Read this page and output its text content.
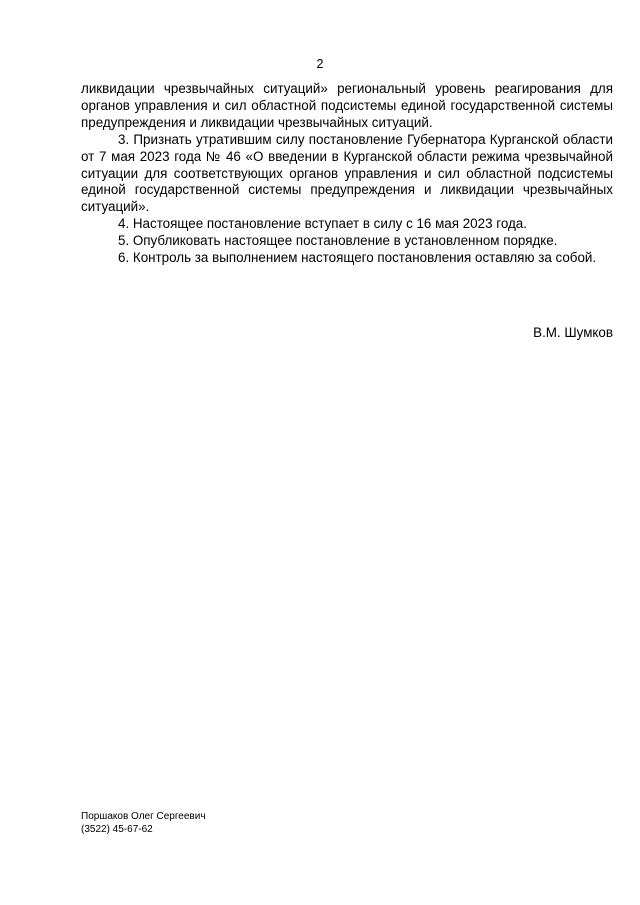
2

ликвидации чрезвычайных ситуаций» региональный уровень реагирования для органов управления и сил областной подсистемы единой государственной системы предупреждения и ликвидации чрезвычайных ситуаций.

3. Признать утратившим силу постановление Губернатора Курганской области от 7 мая 2023 года № 46 «О введении в Курганской области режима чрезвычайной ситуации для соответствующих органов управления и сил областной подсистемы единой государственной системы предупреждения и ликвидации чрезвычайных ситуаций».

4. Настоящее постановление вступает в силу с 16 мая 2023 года.

5. Опубликовать настоящее постановление в установленном порядке.

6. Контроль за выполнением настоящего постановления оставляю за собой.

В.М. Шумков
Поршаков Олег Сергеевич
(3522) 45-67-62
